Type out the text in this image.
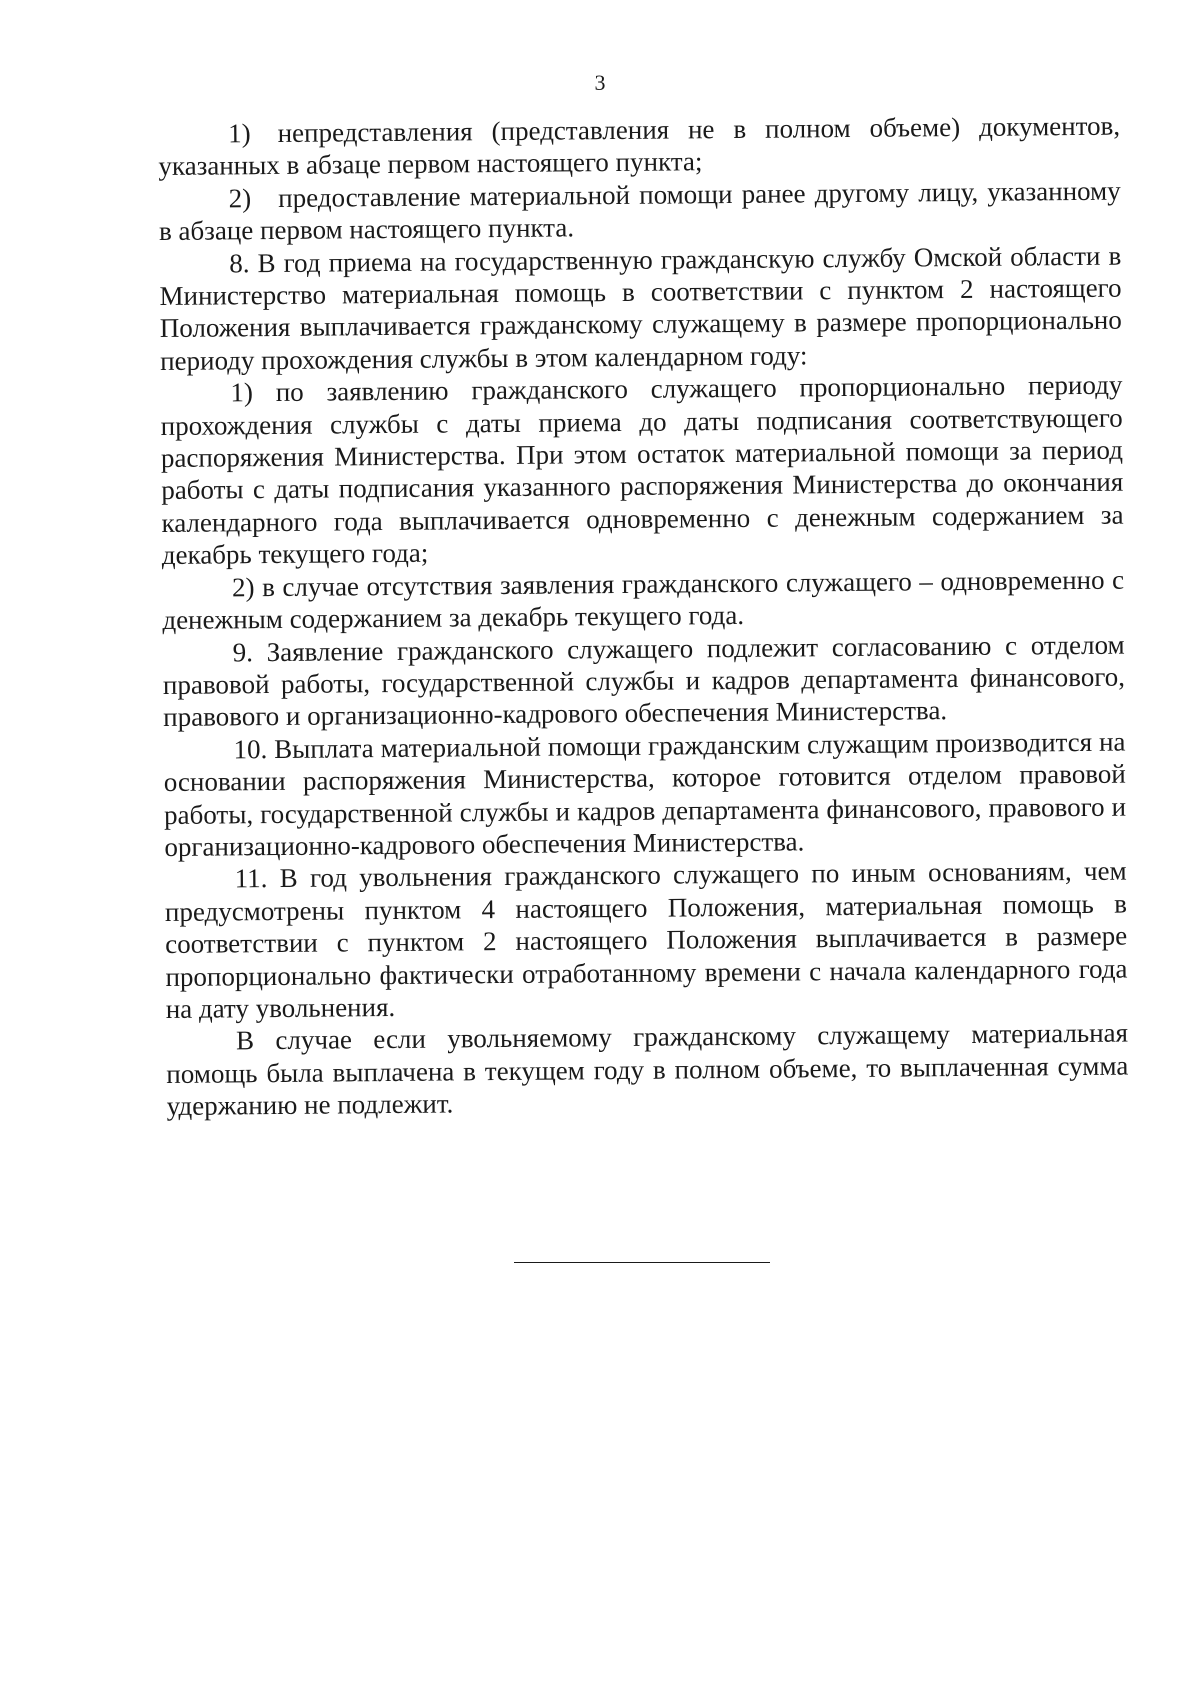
3

1) непредставления (представления не в полном объеме) документов, указанных в абзаце первом настоящего пункта;

2) предоставление материальной помощи ранее другому лицу, указанному в абзаце первом настоящего пункта.

8. В год приема на государственную гражданскую службу Омской области в Министерство материальная помощь в соответствии с пунктом 2 настоящего Положения выплачивается гражданскому служащему в размере пропорционально периоду прохождения службы в этом календарном году:

1) по заявлению гражданского служащего пропорционально периоду прохождения службы с даты приема до даты подписания соответствующего распоряжения Министерства. При этом остаток материальной помощи за период работы с даты подписания указанного распоряжения Министерства до окончания календарного года выплачивается одновременно с денежным содержанием за декабрь текущего года;

2) в случае отсутствия заявления гражданского служащего – одновременно с денежным содержанием за декабрь текущего года.

9. Заявление гражданского служащего подлежит согласованию с отделом правовой работы, государственной службы и кадров департамента финансового, правового и организационно-кадрового обеспечения Министерства.

10. Выплата материальной помощи гражданским служащим производится на основании распоряжения Министерства, которое готовится отделом правовой работы, государственной службы и кадров департамента финансового, правового и организационно-кадрового обеспечения Министерства.

11. В год увольнения гражданского служащего по иным основаниям, чем предусмотрены пунктом 4 настоящего Положения, материальная помощь в соответствии с пунктом 2 настоящего Положения выплачивается в размере пропорционально фактически отработанному времени с начала календарного года на дату увольнения.

В случае если увольняемому гражданскому служащему материальная помощь была выплачена в текущем году в полном объеме, то выплаченная сумма удержанию не подлежит.
